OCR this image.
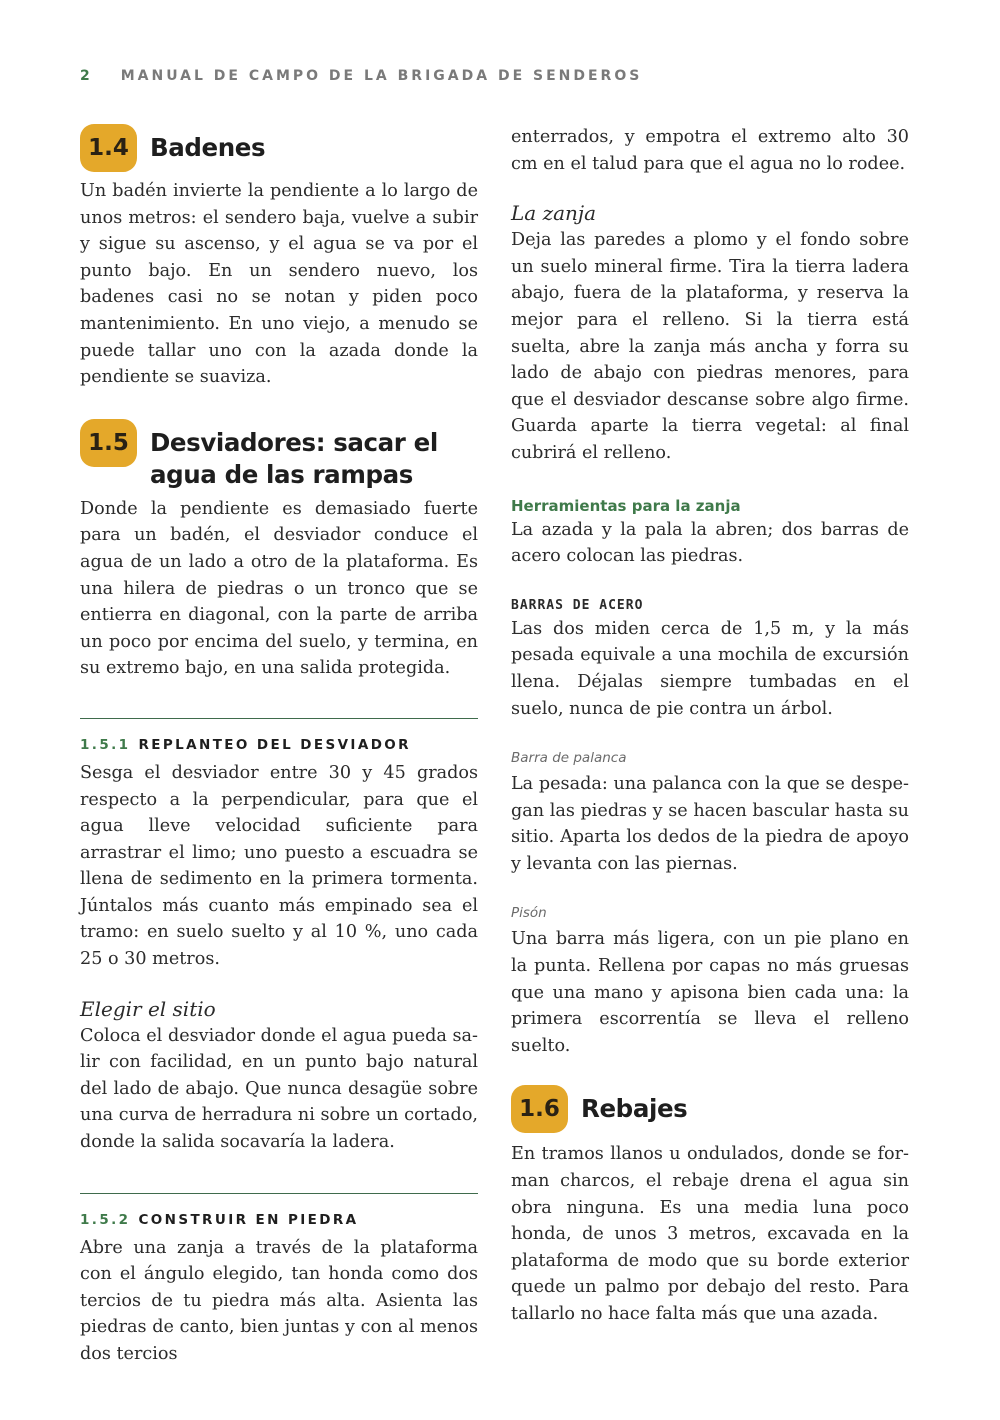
2 MANUAL DE CAMPO DE LA BRIGADA DE SENDEROS
1.4 Badenes

Un badén invierte la pendiente a lo largo de unos metros: el sendero baja, vuelve a subir y sigue su ascenso, y el agua se va por el punto bajo. En un sendero nuevo, los badenes casi no se notan y piden poco mantenimiento. En uno viejo, a menudo se puede tallar uno con la azada donde la pendiente se suaviza.

1.5 Desviadores: sacar el agua de las rampas

Donde la pendiente es demasiado fuerte para un badén, el desviador conduce el agua de un lado a otro de la plataforma. Es una hilera de piedras o un tronco que se entierra en diagonal, con la parte de arriba un poco por encima del suelo, y termina, en su extremo bajo, en una salida protegida.

1.5.1 REPLANTEO DEL DESVIADOR

Sesga el desviador entre 30 y 45 grados respecto a la perpendicular, para que el agua lleve velocidad suficiente para arrastrar el limo; uno puesto a escuadra se llena de sedimento en la primera tormenta. Júntalos más cuanto más empinado sea el tramo: en suelo suelto y al 10 %, uno cada 25 o 30 metros.

Elegir el sitio

Coloca el desviador donde el agua pueda salir con facilidad, en un punto bajo natural del lado de abajo. Que nunca desagüe sobre una curva de herradura ni sobre un cortado, donde la salida socavaría la ladera.

1.5.2 CONSTRUIR EN PIEDRA

Abre una zanja a través de la plataforma con el ángulo elegido, tan honda como dos tercios de tu piedra más alta. Asienta las piedras de canto, bien juntas y con al menos dos tercios

enterrados, y empotra el extremo alto 30 cm en el talud para que el agua no lo rodee.

La zanja

Deja las paredes a plomo y el fondo sobre un suelo mineral firme. Tira la tierra ladera abajo, fuera de la plataforma, y reserva la mejor para el relleno. Si la tierra está suelta, abre la zanja más ancha y forra su lado de abajo con piedras menores, para que el desviador descanse sobre algo firme. Guarda aparte la tierra vegetal: al final cubrirá el relleno.

Herramientas para la zanja

La azada y la pala la abren; dos barras de acero colocan las piedras.

BARRAS DE ACERO

Las dos miden cerca de 1,5 m, y la más pesada equivale a una mochila de excursión llena. Déjalas siempre tumbadas en el suelo, nunca de pie contra un árbol.

Barra de palanca

La pesada: una palanca con la que se despegan las piedras y se hacen bascular hasta su sitio. Aparta los dedos de la piedra de apoyo y levanta con las piernas.

Pisón

Una barra más ligera, con un pie plano en la punta. Rellena por capas no más gruesas que una mano y apisona bien cada una: la primera escorrentía se lleva el relleno suelto.

1.6 Rebajes

En tramos llanos u ondulados, donde se forman charcos, el rebaje drena el agua sin obra ninguna. Es una media luna poco honda, de unos 3 metros, excavada en la plataforma de modo que su borde exterior quede un palmo por debajo del resto. Para tallarlo no hace falta más que una azada.
